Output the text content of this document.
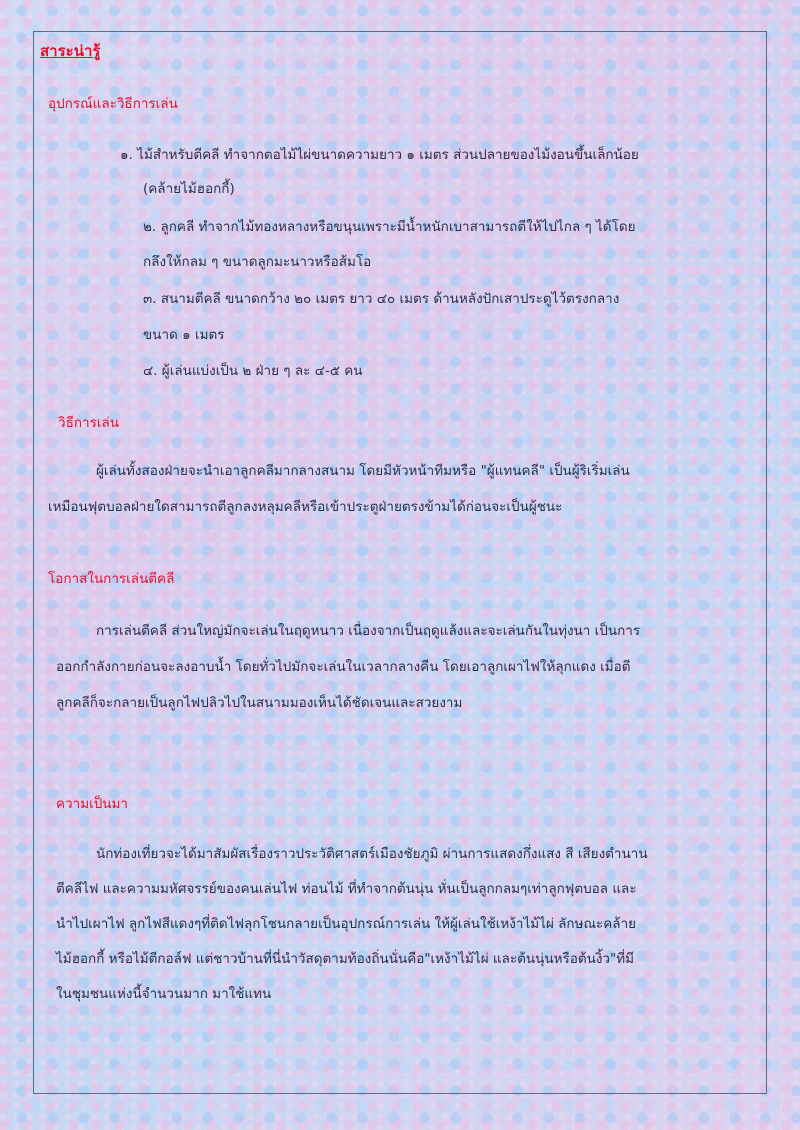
สาระน่ารู้
อุปกรณ์และวิธีการเล่น
๑. ไม้สำหรับตีคลี ทำจากตอไม้ไผ่ขนาดความยาว ๑ เมตร ส่วนปลายของไม้งอนขึ้นเล็กน้อย
(คล้ายไม้ฮอกกี้)
๒. ลูกคลี ทำจากไม้ทองหลางหรือขนุนเพราะมีน้ำหนักเบาสามารถตีให้ไปไกล ๆ ได้โดย
กลึงให้กลม ๆ ขนาดลูกมะนาวหรือส้มโอ
๓. สนามตีคลี ขนาดกว้าง ๒๐ เมตร ยาว ๔๐ เมตร ด้านหลังปักเสาประตูไว้ตรงกลาง
ขนาด ๑ เมตร
๔. ผู้เล่นแบ่งเป็น ๒ ฝ่าย ๆ ละ ๔-๕ คน
วิธีการเล่น
ผู้เล่นทั้งสองฝ่ายจะนำเอาลูกคลีมากลางสนาม โดยมีหัวหน้าทีมหรือ "ผู้แทนคลี" เป็นผู้ริเริ่มเล่น
เหมือนฟุตบอลฝ่ายใดสามารถตีลูกลงหลุมคลีหรือเข้าประตูฝ่ายตรงข้ามได้ก่อนจะเป็นผู้ชนะ
โอกาสในการเล่นตีคลี
การเล่นตีคลี ส่วนใหญ่มักจะเล่นในฤดูหนาว เนื่องจากเป็นฤดูแล้งและจะเล่นกันในทุ่งนา เป็นการ
ออกกำลังกายก่อนจะลงอาบน้ำ โดยทั่วไปมักจะเล่นในเวลากลางคืน โดยเอาลูกเผาไฟให้ลุกแดง เมื่อตี
ลูกคลีก็จะกลายเป็นลูกไฟปลิวไปในสนามมองเห็นได้ชัดเจนและสวยงาม
ความเป็นมา
นักท่องเที่ยวจะได้มาสัมผัสเรื่องราวประวัติศาสตร์เมืองชัยภูมิ ผ่านการแสดงกึ่งแสง สี เสียงตำนาน
ตีคลีไฟ และความมหัศจรรย์ของคนเล่นไฟ ท่อนไม้ ที่ทำจากต้นนุ่น หั่นเป็นลูกกลมๆเท่าลูกฟุตบอล และ
นำไปเผาไฟ ลูกไฟสีแดงๆที่ติดไฟลุกโชนกลายเป็นอุปกรณ์การเล่น ให้ผู้เล่นใช้เหง้าไม้ไผ่ ลักษณะคล้าย
ไม้ฮอกกี้ หรือไม้ตีกอล์ฟ แต่ชาวบ้านที่นี่นำวัสดุตามท้องถิ่นนั่นคือ"เหง้าไม้ไผ่ และต้นนุ่นหรือต้นงิ้ว"ที่มี
ในชุมชนแห่งนี้จำนวนมาก มาใช้แทน
